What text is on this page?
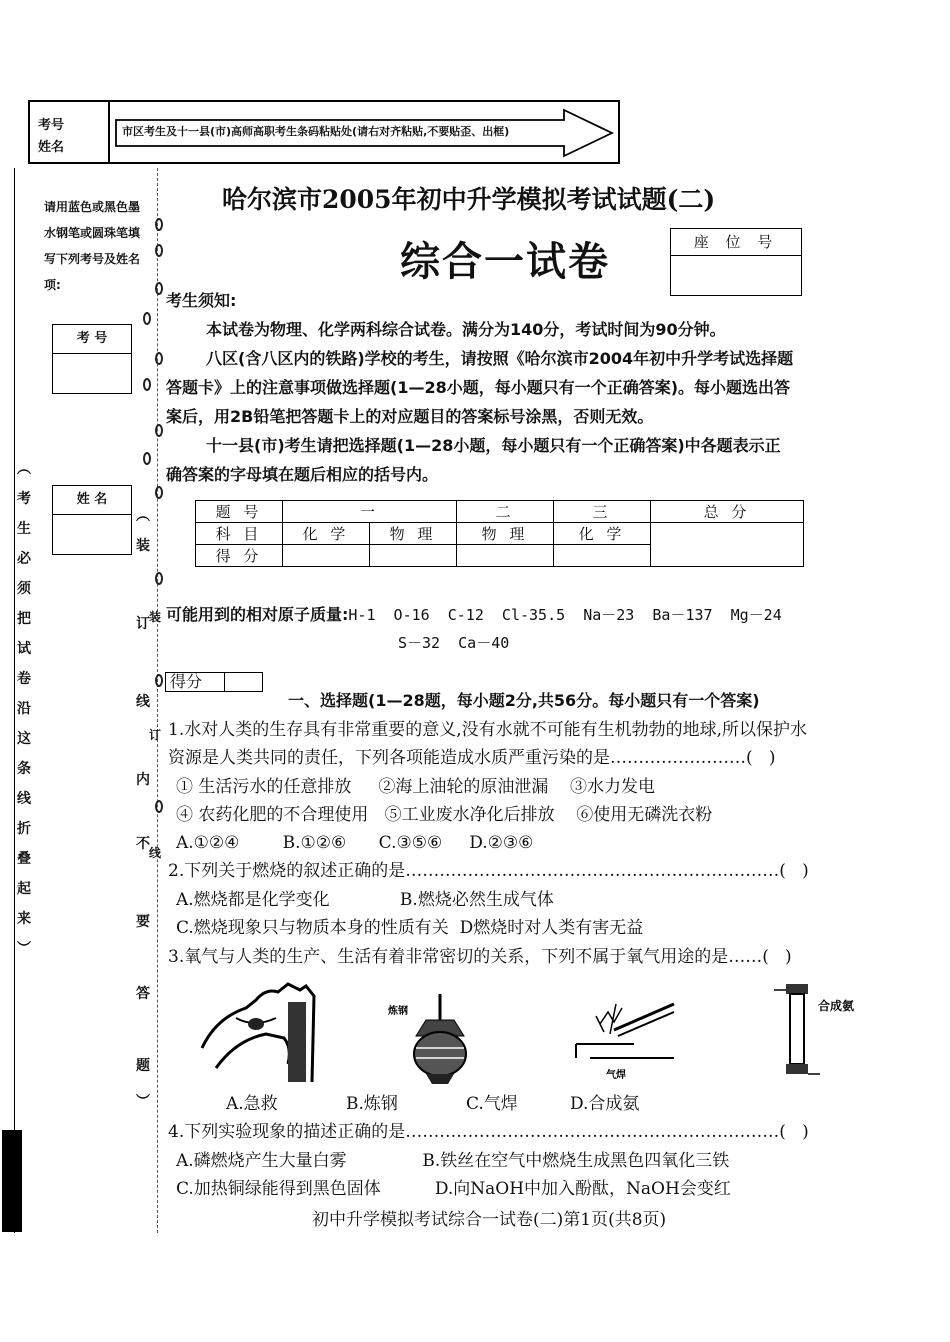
考号
姓名
市区考生及十一县(市)高师高职考生条码粘贴处(请右对齐粘贴,不要贴歪、出框)
请用蓝色或黑色墨
水钢笔或圆珠笔填
写下列考号及姓名
项:
考 号
姓 名
︵
考
生
必
须
把
试
卷
沿
这
条
线
折
叠
起
来
︶
︵
装
订
线
内
不
要
答
题
︶
装
订
线
哈尔滨市2005年初中升学模拟考试试题(二)
综合一试卷	座 位 号
考生须知:
本试卷为物理、化学两科综合试卷。满分为140分，考试时间为90分钟。
八区(含八区内的铁路)学校的考生，请按照《哈尔滨市2004年初中升学考试选择题
答题卡》上的注意事项做选择题(1—28小题，每小题只有一个正确答案)。每小题选出答
案后，用2B铅笔把答题卡上的对应题目的答案标号涂黑，否则无效。
十一县(市)考生请把选择题(1—28小题，每小题只有一个正确答案)中各题表示正
确答案的字母填在题后相应的括号内。
题 号	一		二	三	总 分
科 目	化 学	物 理	物 理	化 学	
得 分					
可能用到的相对原子质量:H-1  O-16  C-12  Cl-35.5  Na－23  Ba－137  Mg－24
S－32  Ca－40
得分
一、选择题(1—28题，每小题2分,共56分。每小题只有一个答案)
1.水对人类的生存具有非常重要的意义,没有水就不可能有生机勃勃的地球,所以保护水
资源是人类共同的责任，下列各项能造成水质严重污染的是……………………(   )
① 生活污水的任意排放     ②海上油轮的原油泄漏    ③水力发电
④ 农药化肥的不合理使用   ⑤工业废水净化后排放    ⑥使用无磷洗衣粉
A.①②④        B.①②⑥      C.③⑤⑥     D.②③⑥
2.下列关于燃烧的叙述正确的是…………………………………………………………(   )
A.燃烧都是化学变化             B.燃烧必然生成气体
C.燃烧现象只与物质本身的性质有关  D燃烧时对人类有害无益
3.氧气与人类的生产、生活有着非常密切的关系，下列不属于氧气用途的是……(   )
炼钢
气焊
合成氨
A.急救	B.炼钢	C.气焊	D.合成氨
4.下列实验现象的描述正确的是…………………………………………………………(   )
A.磷燃烧产生大量白雾              B.铁丝在空气中燃烧生成黑色四氧化三铁
C.加热铜绿能得到黑色固体          D.向NaOH中加入酚酞，NaOH会变红
初中升学模拟考试综合一试卷(二)第1页(共8页)
